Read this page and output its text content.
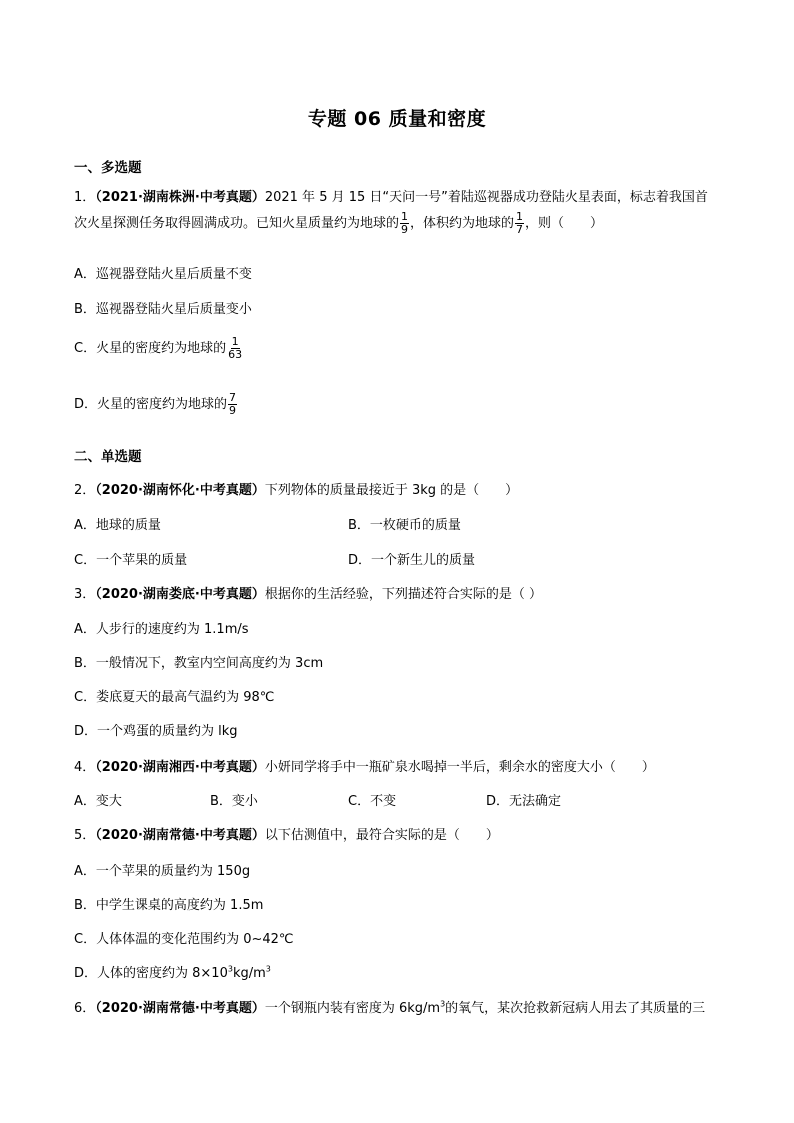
专题 06 质量和密度
一、多选题
1．（2021·湖南株洲·中考真题）2021 年 5 月 15 日“天问一号”着陆巡视器成功登陆火星表面，标志着我国首
次火星探测任务取得圆满成功。已知火星质量约为地球的 $\frac{1}{9}$ ，体积约为地球的 $\frac{1}{7}$ ，则（　　）
A．巡视器登陆火星后质量不变
B．巡视器登陆火星后质量变小
C．火星的密度约为地球的 $\frac{1}{63}$
D．火星的密度约为地球的 $\frac{7}{9}$
二、单选题
2．（2020·湖南怀化·中考真题）下列物体的质量最接近于 3kg 的是（　　）
A．地球的质量	B．一枚硬币的质量
C．一个苹果的质量	D．一个新生儿的质量
3．（2020·湖南娄底·中考真题）根据你的生活经验，下列描述符合实际的是（ ）
A．人步行的速度约为 1.1m/s
B．一般情况下，教室内空间高度约为 3cm
C．娄底夏天的最高气温约为 98℃
D．一个鸡蛋的质量约为 lkg
4．（2020·湖南湘西·中考真题）小妍同学将手中一瓶矿泉水喝掉一半后，剩余水的密度大小（　　）
A．变大	B．变小	C．不变	D．无法确定
5．（2020·湖南常德·中考真题）以下估测值中，最符合实际的是（　　）
A．一个苹果的质量约为 150g
B．中学生课桌的高度约为 1.5m
C．人体体温的变化范围约为 0~42℃
D．人体的密度约为 $8\times 10^3kg/m^3$
6．（2020·湖南常德·中考真题）一个钢瓶内装有密度为 $6kg/m^3$的氧气，某次抢救新冠病人用去了其质量的三
